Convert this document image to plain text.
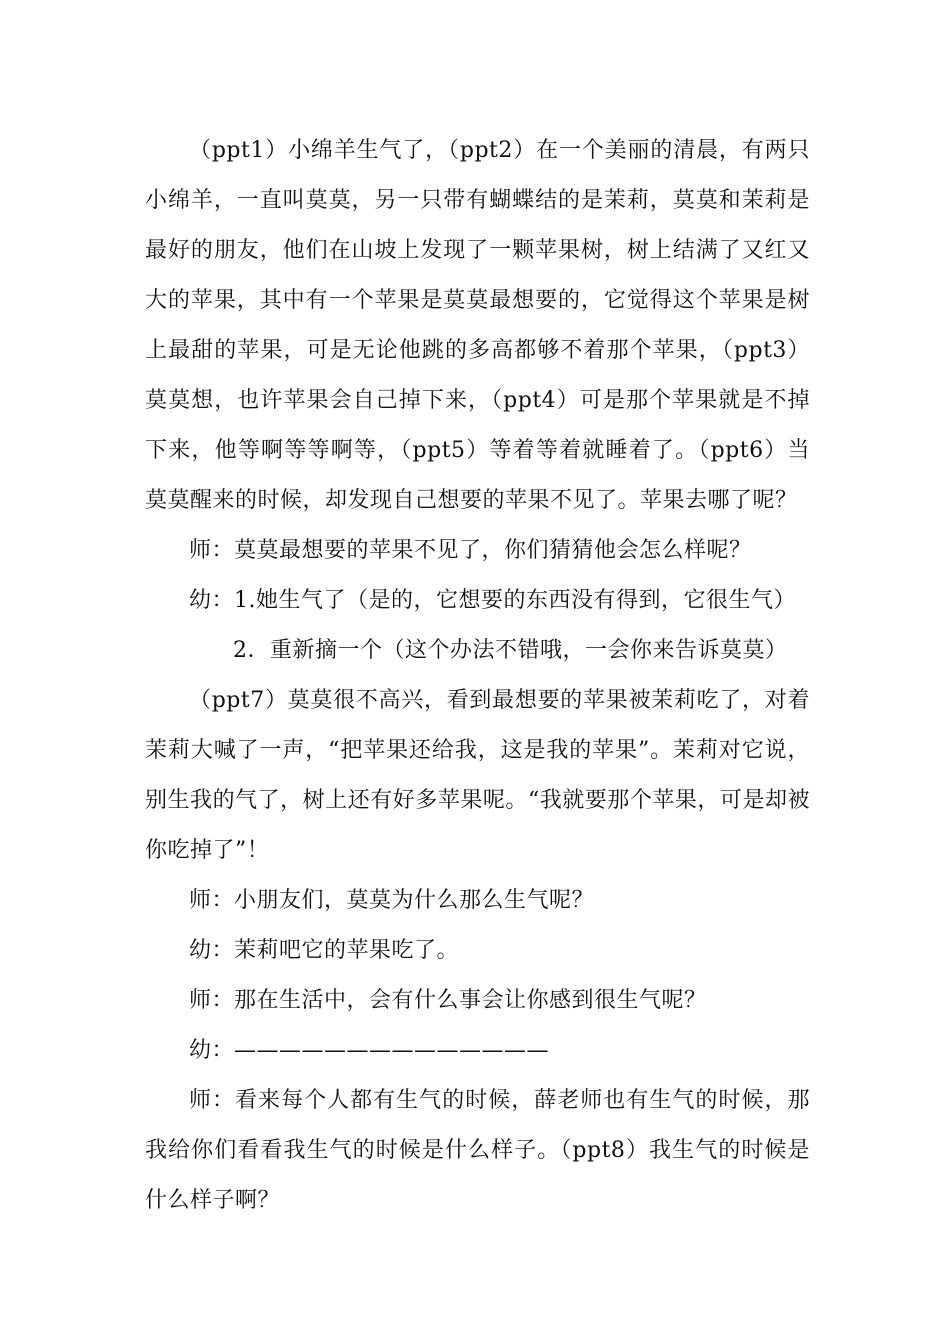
（ppt1）小绵羊生气了，（ppt2）在一个美丽的清晨，有两只小绵羊，一直叫莫莫，另一只带有蝴蝶结的是茉莉，莫莫和茉莉是最好的朋友，他们在山坡上发现了一颗苹果树，树上结满了又红又大的苹果，其中有一个苹果是莫莫最想要的，它觉得这个苹果是树上最甜的苹果，可是无论他跳的多高都够不着那个苹果，（ppt3）莫莫想，也许苹果会自己掉下来，（ppt4）可是那个苹果就是不掉下来，他等啊等等啊等，（ppt5）等着等着就睡着了。（ppt6）当莫莫醒来的时候，却发现自己想要的苹果不见了。苹果去哪了呢？

师：莫莫最想要的苹果不见了，你们猜猜他会怎么样呢？

幼：1.她生气了（是的，它想要的东西没有得到，它很生气）

2．重新摘一个（这个办法不错哦，一会你来告诉莫莫）

（ppt7）莫莫很不高兴，看到最想要的苹果被茉莉吃了，对着茉莉大喊了一声，“把苹果还给我，这是我的苹果”。茉莉对它说，别生我的气了，树上还有好多苹果呢。“我就要那个苹果，可是却被你吃掉了”！

师：小朋友们，莫莫为什么那么生气呢？

幼：茉莉吧它的苹果吃了。

师：那在生活中，会有什么事会让你感到很生气呢？

幼：——————————————

师：看来每个人都有生气的时候，薛老师也有生气的时候，那我给你们看看我生气的时候是什么样子。（ppt8）我生气的时候是什么样子啊？
